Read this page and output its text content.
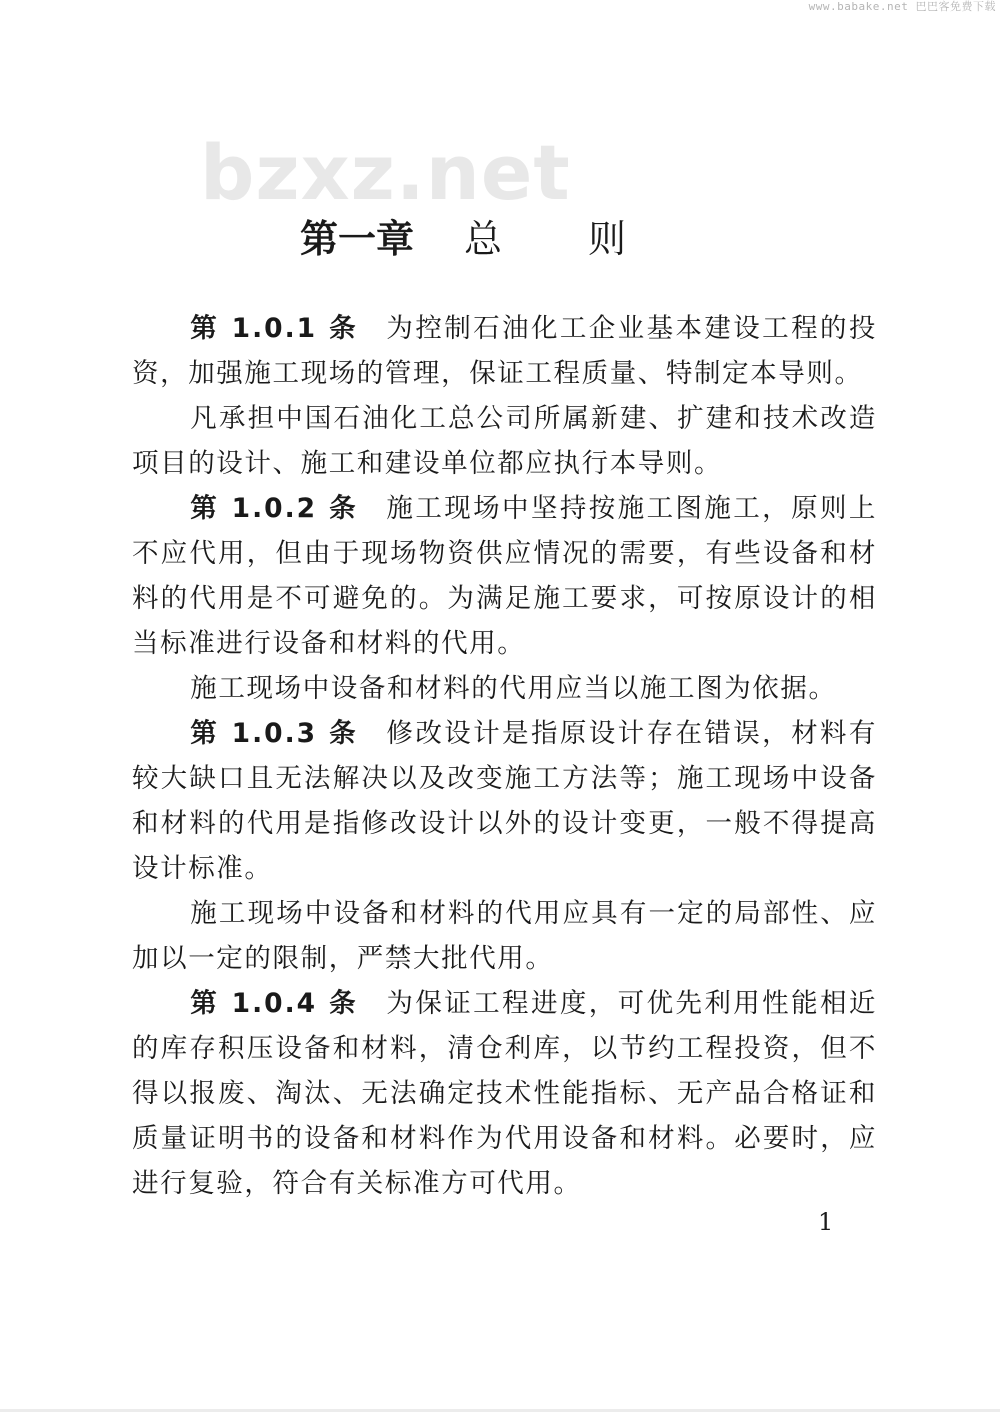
www.babake.net 巴巴客免费下载
bzxz.net
第一章 总 则

第 1.0.1 条 为控制石油化工企业基本建设工程的投资，加强施工现场的管理，保证工程质量、特制定本导则。

凡承担中国石油化工总公司所属新建、扩建和技术改造项目的设计、施工和建设单位都应执行本导则。

第 1.0.2 条 施工现场中坚持按施工图施工，原则上不应代用，但由于现场物资供应情况的需要，有些设备和材料的代用是不可避免的。为满足施工要求，可按原设计的相当标准进行设备和材料的代用。

施工现场中设备和材料的代用应当以施工图为依据。

第 1.0.3 条 修改设计是指原设计存在错误，材料有较大缺口且无法解决以及改变施工方法等；施工现场中设备和材料的代用是指修改设计以外的设计变更，一般不得提高设计标准。

施工现场中设备和材料的代用应具有一定的局部性、应加以一定的限制，严禁大批代用。

第 1.0.4 条 为保证工程进度，可优先利用性能相近的库存积压设备和材料，清仓利库，以节约工程投资，但不得以报废、淘汰、无法确定技术性能指标、无产品合格证和质量证明书的设备和材料作为代用设备和材料。必要时，应进行复验，符合有关标准方可代用。

1
